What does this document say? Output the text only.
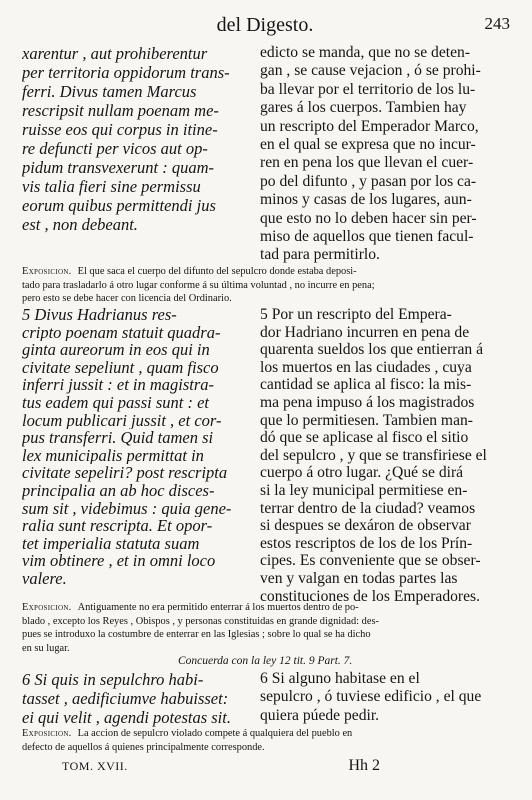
del Digesto.	243
xarentur , aut prohiberentur
per territoria oppidorum trans-
ferri. Divus tamen Marcus
rescripsit nullam poenam me-
ruisse eos qui corpus in itine-
re defuncti per vicos aut op-
pidum transvexerunt : quam-
vis talia fieri sine permissu
eorum quibus permittendi jus
est , non debeant.
edicto se manda, que no se deten-
gan , se cause vejacion , ó se prohi-
ba llevar por el territorio de los lu-
gares á los cuerpos. Tambien hay
un rescripto del Emperador Marco,
en el qual se expresa que no incur-
ren en pena los que llevan el cuer-
po del difunto , y pasan por los ca-
minos y casas de los lugares, aun-
que esto no lo deben hacer sin per-
miso de aquellos que tienen facul-
tad para permitirlo.
Exposicion. El que saca el cuerpo del difunto del sepulcro donde estaba deposi-
tado para trasladarlo á otro lugar conforme á su última voluntad , no incurre en pena;
pero esto se debe hacer con licencia del Ordinario.
5 Divus Hadrianus res-
cripto poenam statuit quadra-
ginta aureorum in eos qui in
civitate sepeliunt , quam fisco
inferri jussit : et in magistra-
tus eadem qui passi sunt : et
locum publicari jussit , et cor-
pus transferri. Quid tamen si
lex municipalis permittat in
civitate sepeliri? post rescripta
principalia an ab hoc disces-
sum sit , videbimus : quia gene-
ralia sunt rescripta. Et opor-
tet imperialia statuta suam
vim obtinere , et in omni loco
valere.
5 Por un rescripto del Empera-
dor Hadriano incurren en pena de
quarenta sueldos los que entierran á
los muertos en las ciudades , cuya
cantidad se aplica al fisco: la mis-
ma pena impuso á los magistrados
que lo permitiesen. Tambien man-
dó que se aplicase al fisco el sitio
del sepulcro , y que se transfiriese el
cuerpo á otro lugar. ¿Qué se dirá
si la ley municipal permitiese en-
terrar dentro de la ciudad? veamos
si despues se dexáron de observar
estos rescriptos de los de los Prín-
cipes. Es conveniente que se obser-
ven y valgan en todas partes las
constituciones de los Emperadores.
Exposicion. Antiguamente no era permitido enterrar á los muertos dentro de po-
blado , excepto los Reyes , Obispos , y personas constituidas en grande dignidad: des-
pues se introduxo la costumbre de enterrar en las Iglesias ; sobre lo qual se ha dicho
en su lugar.
Concuerda con la ley 12 tit. 9 Part. 7.
6 Si quis in sepulchro habi-
tasset , aedificiumve habuisset:
ei qui velit , agendi potestas sit.
6 Si alguno habitase en el
sepulcro , ó tuviese edificio , el que
quiera púede pedir.
Exposicion. La accion de sepulcro violado compete á qualquiera del pueblo en
defecto de aquellos á quienes principalmente corresponde.
TOM. XVII.	Hh 2
